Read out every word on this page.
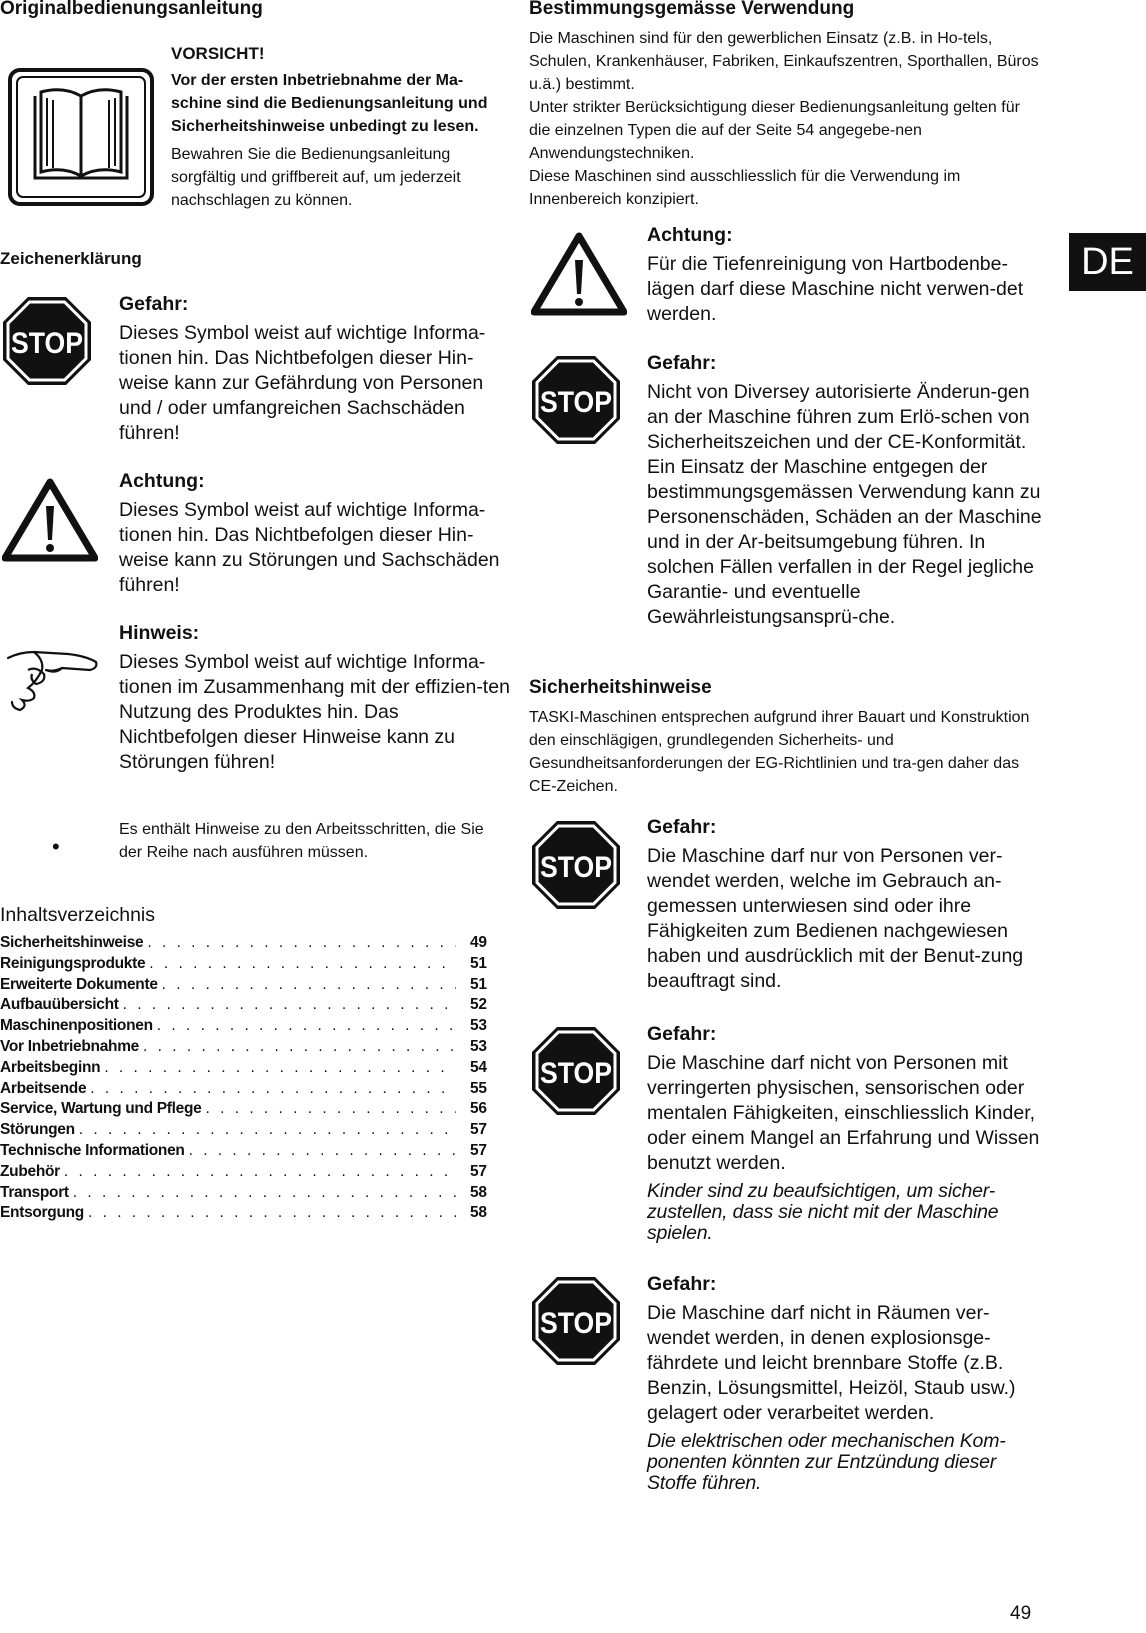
DE
Originalbedienungsanleitung
VORSICHT!
Vor der ersten Inbetriebnahme der Ma-schine sind die Bedienungsanleitung und Sicherheitshinweise unbedingt zu lesen.
Bewahren Sie die Bedienungsanleitung sorgfältig und griffbereit auf, um jederzeit nachschlagen zu können.
Zeichenerklärung
STOP
Gefahr:
Dieses Symbol weist auf wichtige Informa-tionen hin. Das Nichtbefolgen dieser Hin-weise kann zur Gefährdung von Personen und / oder umfangreichen Sachschäden führen!
Achtung:
Dieses Symbol weist auf wichtige Informa-tionen hin. Das Nichtbefolgen dieser Hin-weise kann zu Störungen und Sachschäden führen!
Hinweis:
Dieses Symbol weist auf wichtige Informa-tionen im Zusammenhang mit der effizien-ten Nutzung des Produktes hin. Das Nichtbefolgen dieser Hinweise kann zu Störungen führen!
•
Es enthält Hinweise zu den Arbeitsschritten, die Sie der Reihe nach ausführen müssen.
Inhaltsverzeichnis
Sicherheitshinweise . . .	49
Reinigungsprodukte . . .	51
Erweiterte Dokumente . . .	51
Aufbauübersicht . . .	52
Maschinenpositionen . . .	53
Vor Inbetriebnahme . . .	53
Arbeitsbeginn . . .	54
Arbeitsende . . .	55
Service, Wartung und Pflege . . .	56
Störungen . . .	57
Technische Informationen . . .	57
Zubehör . . .	57
Transport . . .	58
Entsorgung . . .	58
Bestimmungsgemässe Verwendung
Die Maschinen sind für den gewerblichen Einsatz (z.B. in Ho-tels, Schulen, Krankenhäuser, Fabriken, Einkaufszentren, Sporthallen, Büros u.ä.) bestimmt.
Unter strikter Berücksichtigung dieser Bedienungsanleitung gelten für die einzelnen Typen die auf der Seite 54 angegebe-nen Anwendungstechniken.
Diese Maschinen sind ausschliesslich für die Verwendung im Innenbereich konzipiert.
Achtung:
Für die Tiefenreinigung von Hartbodenbe-lägen darf diese Maschine nicht verwen-det werden.
STOP
Gefahr:
Nicht von Diversey autorisierte Änderun-gen an der Maschine führen zum Erlö-schen von Sicherheitszeichen und der CE-Konformität. Ein Einsatz der Maschine entgegen der bestimmungsgemässen Verwendung kann zu Personenschäden, Schäden an der Maschine und in der Ar-beitsumgebung führen. In solchen Fällen verfallen in der Regel jegliche Garantie- und eventuelle Gewährleistungsansprü-che.
Sicherheitshinweise
TASKI-Maschinen entsprechen aufgrund ihrer Bauart und Konstruktion den einschlägigen, grundlegenden Sicherheits- und Gesundheitsanforderungen der EG-Richtlinien und tra-gen daher das CE-Zeichen.
STOP
Gefahr:
Die Maschine darf nur von Personen ver-wendet werden, welche im Gebrauch an-gemessen unterwiesen sind oder ihre Fähigkeiten zum Bedienen nachgewiesen haben und ausdrücklich mit der Benut-zung beauftragt sind.
STOP
Gefahr:
Die Maschine darf nicht von Personen mit verringerten physischen, sensorischen oder mentalen Fähigkeiten, einschliesslich Kinder, oder einem Mangel an Erfahrung und Wissen benutzt werden.
Kinder sind zu beaufsichtigen, um sicher-zustellen, dass sie nicht mit der Maschine spielen.
STOP
Gefahr:
Die Maschine darf nicht in Räumen ver-wendet werden, in denen explosionsge-fährdete und leicht brennbare Stoffe (z.B. Benzin, Lösungsmittel, Heizöl, Staub usw.) gelagert oder verarbeitet werden.
Die elektrischen oder mechanischen Kom-ponenten könnten zur Entzündung dieser Stoffe führen.
49
